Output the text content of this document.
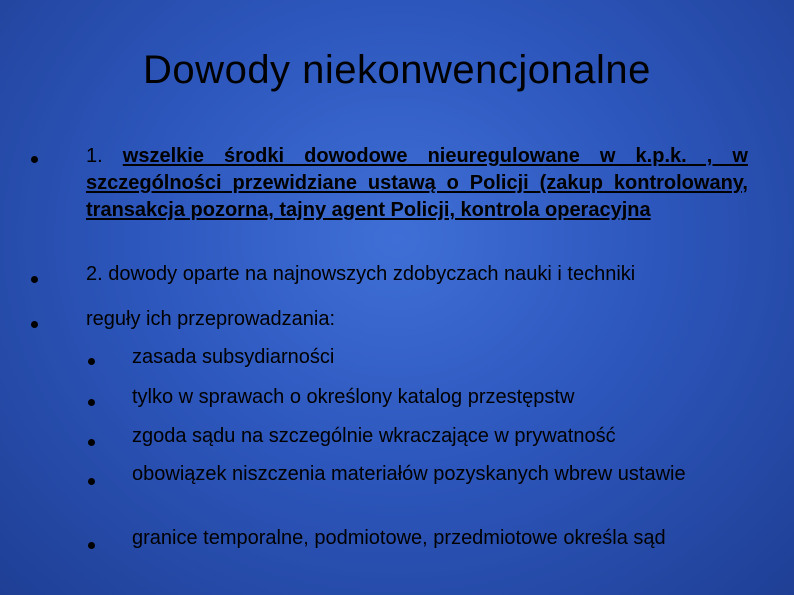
Dowody niekonwencjonalne
1. wszelkie środki dowodowe nieuregulowane w k.p.k. , w szczególności przewidziane ustawą o Policji (zakup kontrolowany, transakcja pozorna, tajny agent Policji, kontrola operacyjna
2. dowody oparte na najnowszych zdobyczach nauki i techniki
reguły ich przeprowadzania:
zasada subsydiarności
tylko w sprawach o określony katalog przestępstw
zgoda sądu na szczególnie wkraczające w prywatność
obowiązek niszczenia materiałów pozyskanych wbrew ustawie
granice temporalne, podmiotowe, przedmiotowe określa sąd
